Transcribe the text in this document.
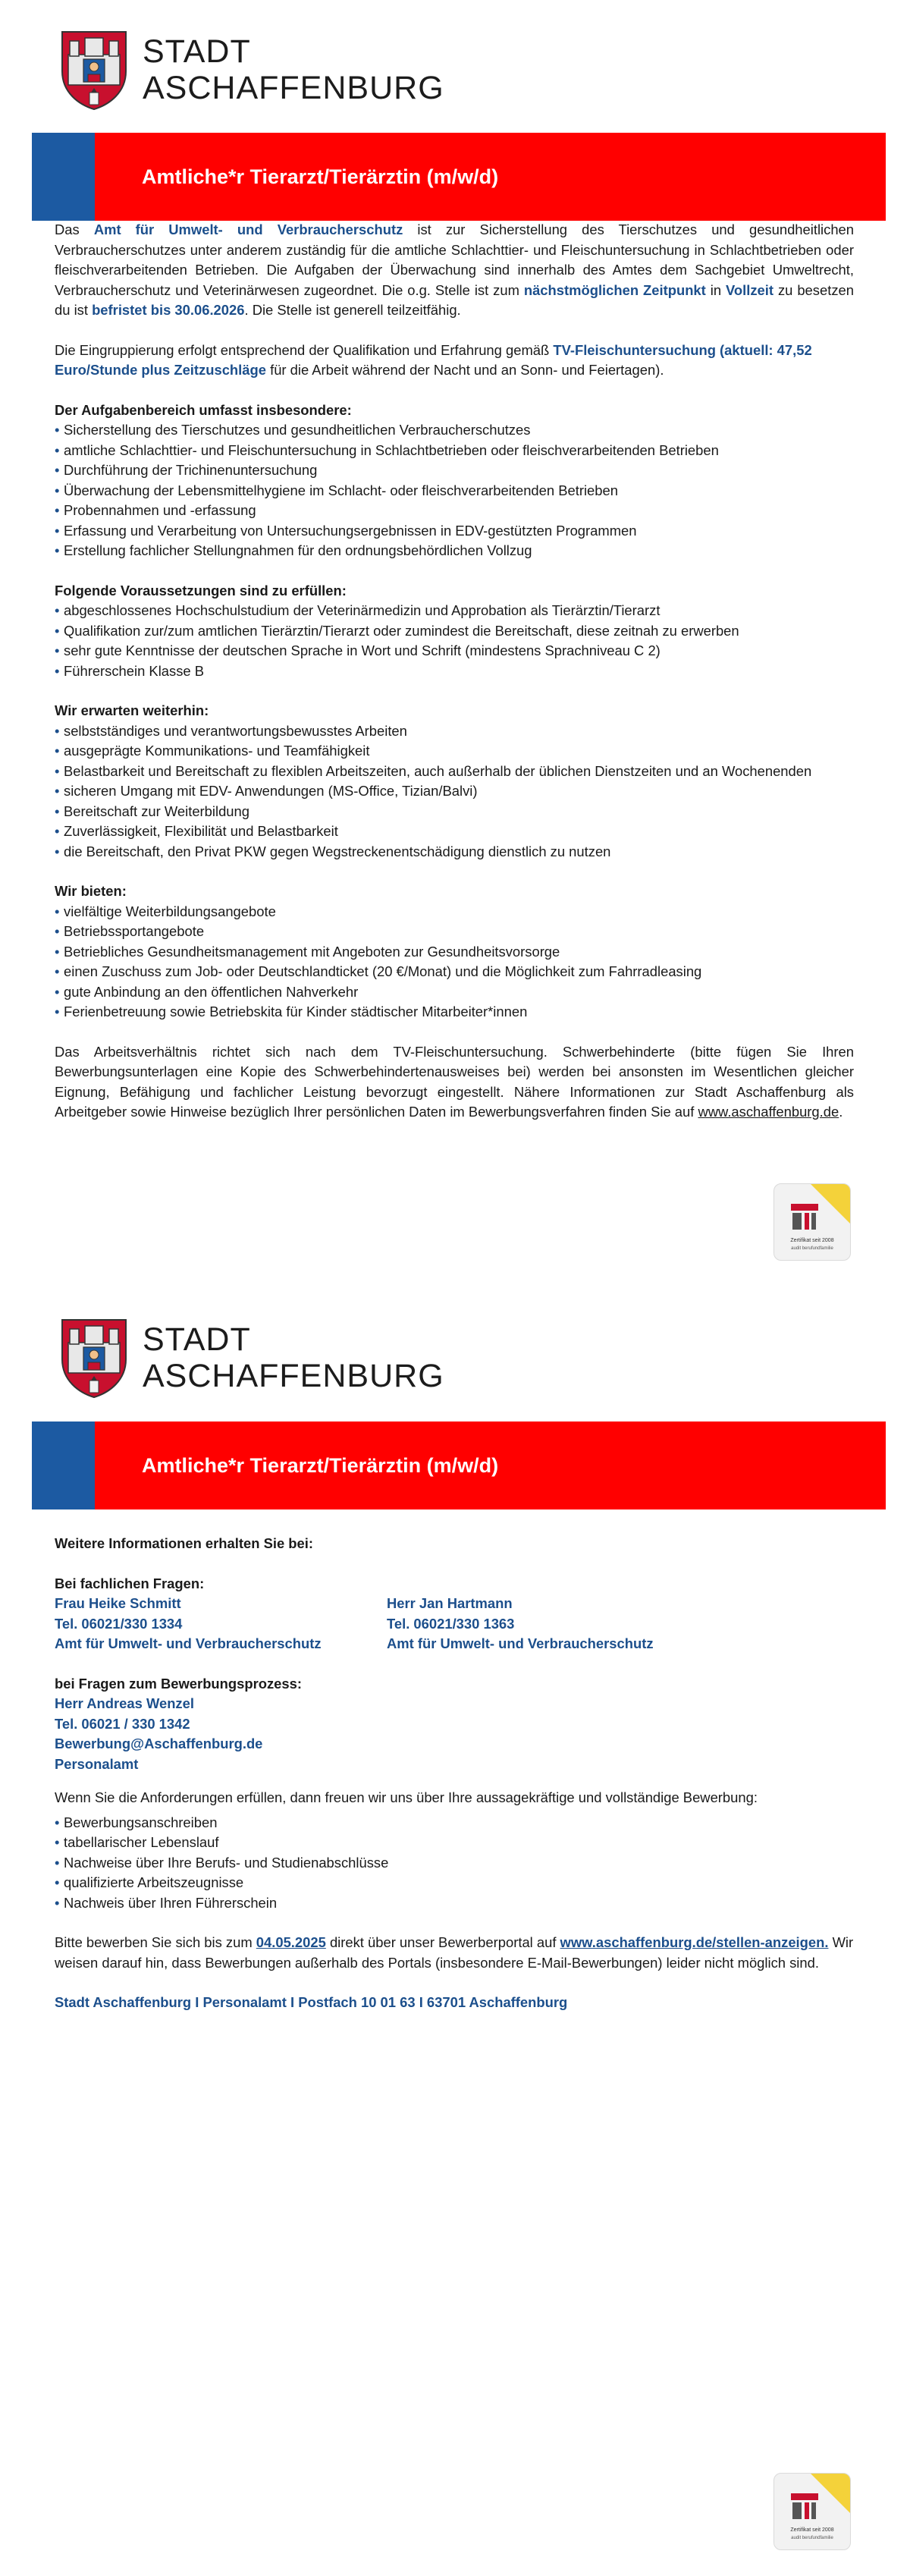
STADT
ASCHAFFENBURG
Amtliche*r Tierarzt/Tierärztin (m/w/d)

Das Amt für Umwelt- und Verbraucherschutz ist zur Sicherstellung des Tierschutzes und gesundheitlichen Verbraucherschutzes unter anderem zuständig für die amtliche Schlachttier- und Fleischuntersuchung in Schlachtbetrieben oder fleischverarbeitenden Betrieben. Die Aufgaben der Überwachung sind innerhalb des Amtes dem Sachgebiet Umweltrecht, Verbraucherschutz und Veterinärwesen zugeordnet. Die o.g. Stelle ist zum nächstmöglichen Zeitpunkt in Vollzeit zu besetzen du ist befristet bis 30.06.2026. Die Stelle ist generell teilzeitfähig.

Die Eingruppierung erfolgt entsprechend der Qualifikation und Erfahrung gemäß TV-Fleischuntersuchung (aktuell: 47,52 Euro/Stunde plus Zeitzuschläge für die Arbeit während der Nacht und an Sonn- und Feiertagen).

Der Aufgabenbereich umfasst insbesondere:

• Sicherstellung des Tierschutzes und gesundheitlichen Verbraucherschutzes
• amtliche Schlachttier- und Fleischuntersuchung in Schlachtbetrieben oder fleischverarbeitenden Betrieben
• Durchführung der Trichinenuntersuchung
• Überwachung der Lebensmittelhygiene im Schlacht- oder fleischverarbeitenden Betrieben
• Probennahmen und -erfassung
• Erfassung und Verarbeitung von Untersuchungsergebnissen in EDV-gestützten Programmen
• Erstellung fachlicher Stellungnahmen für den ordnungsbehördlichen Vollzug

Folgende Voraussetzungen sind zu erfüllen:

• abgeschlossenes Hochschulstudium der Veterinärmedizin und Approbation als Tierärztin/Tierarzt
• Qualifikation zur/zum amtlichen Tierärztin/Tierarzt oder zumindest die Bereitschaft, diese zeitnah zu erwerben
• sehr gute Kenntnisse der deutschen Sprache in Wort und Schrift (mindestens Sprachniveau C 2)
• Führerschein Klasse B

Wir erwarten weiterhin:

• selbstständiges und verantwortungsbewusstes Arbeiten
• ausgeprägte Kommunikations- und Teamfähigkeit
• Belastbarkeit und Bereitschaft zu flexiblen Arbeitszeiten, auch außerhalb der üblichen Dienstzeiten und an Wochenenden
• sicheren Umgang mit EDV- Anwendungen (MS-Office, Tizian/Balvi)
• Bereitschaft zur Weiterbildung
• Zuverlässigkeit, Flexibilität und Belastbarkeit
• die Bereitschaft, den Privat PKW gegen Wegstreckenentschädigung dienstlich zu nutzen

Wir bieten:

• vielfältige Weiterbildungsangebote
• Betriebssportangebote
• Betriebliches Gesundheitsmanagement mit Angeboten zur Gesundheitsvorsorge
• einen Zuschuss zum Job- oder Deutschlandticket (20 €/Monat) und die Möglichkeit zum Fahrradleasing
• gute Anbindung an den öffentlichen Nahverkehr
• Ferienbetreuung sowie Betriebskita für Kinder städtischer Mitarbeiter*innen

Das Arbeitsverhältnis richtet sich nach dem TV-Fleischuntersuchung. Schwerbehinderte (bitte fügen Sie Ihren Bewerbungsunterlagen eine Kopie des Schwerbehindertenausweises bei) werden bei ansonsten im Wesentlichen gleicher Eignung, Befähigung und fachlicher Leistung bevorzugt eingestellt. Nähere Informationen zur Stadt Aschaffenburg als Arbeitgeber sowie Hinweise bezüglich Ihrer persönlichen Daten im Bewerbungsverfahren finden Sie auf www.aschaffenburg.de.

Zertifikat seit 2008
audit berufundfamilie
STADT
ASCHAFFENBURG
Amtliche*r Tierarzt/Tierärztin (m/w/d)

Weitere Informationen erhalten Sie bei:

Bei fachlichen Fragen:

Frau Heike Schmitt
Tel. 06021/330 1334
Amt für Umwelt- und Verbraucherschutz
Herr Jan Hartmann
Tel. 06021/330 1363
Amt für Umwelt- und Verbraucherschutz

bei Fragen zum Bewerbungsprozess:

Herr Andreas Wenzel
Tel. 06021 / 330 1342
Bewerbung@Aschaffenburg.de
Personalamt

Wenn Sie die Anforderungen erfüllen, dann freuen wir uns über Ihre aussagekräftige und vollständige Bewerbung:

• Bewerbungsanschreiben
• tabellarischer Lebenslauf
• Nachweise über Ihre Berufs- und Studienabschlüsse
• qualifizierte Arbeitszeugnisse
• Nachweis über Ihren Führerschein

Bitte bewerben Sie sich bis zum 04.05.2025 direkt über unser Bewerberportal auf www.aschaffenburg.de/stellen-anzeigen. Wir weisen darauf hin, dass Bewerbungen außerhalb des Portals (insbesondere E-Mail-Bewerbungen) leider nicht möglich sind.

Stadt Aschaffenburg I Personalamt I Postfach 10 01 63 I 63701 Aschaffenburg

Zertifikat seit 2008
audit berufundfamilie
